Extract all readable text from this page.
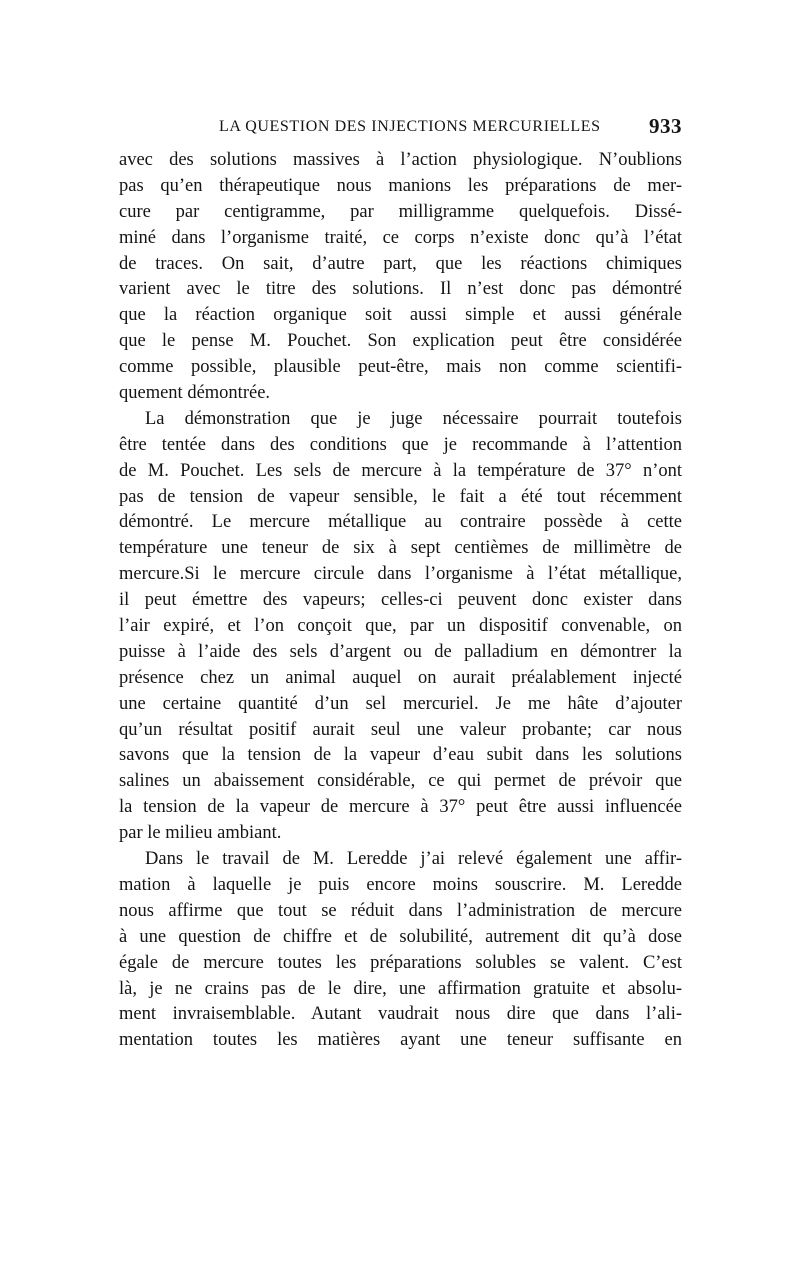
LA QUESTION DES INJECTIONS MERCURIELLES 933
avec des solutions massives à l’action physiologique. N’oublions
pas qu’en thérapeutique nous manions les préparations de mer-
cure par centigramme, par milligramme quelquefois. Dissé-
miné dans l’organisme traité, ce corps n’existe donc qu’à l’état
de traces. On sait, d’autre part, que les réactions chimiques
varient avec le titre des solutions. Il n’est donc pas démontré
que la réaction organique soit aussi simple et aussi générale
que le pense M. Pouchet. Son explication peut être considérée
comme possible, plausible peut-être, mais non comme scientifi-
quement démontrée.
La démonstration que je juge nécessaire pourrait toutefois
être tentée dans des conditions que je recommande à l’attention
de M. Pouchet. Les sels de mercure à la température de 37° n’ont
pas de tension de vapeur sensible, le fait a été tout récemment
démontré. Le mercure métallique au contraire possède à cette
température une teneur de six à sept centièmes de millimètre de
mercure.Si le mercure circule dans l’organisme à l’état métallique,
il peut émettre des vapeurs; celles-ci peuvent donc exister dans
l’air expiré, et l’on conçoit que, par un dispositif convenable, on
puisse à l’aide des sels d’argent ou de palladium en démontrer la
présence chez un animal auquel on aurait préalablement injecté
une certaine quantité d’un sel mercuriel. Je me hâte d’ajouter
qu’un résultat positif aurait seul une valeur probante; car nous
savons que la tension de la vapeur d’eau subit dans les solutions
salines un abaissement considérable, ce qui permet de prévoir que
la tension de la vapeur de mercure à 37° peut être aussi influencée
par le milieu ambiant.
Dans le travail de M. Leredde j’ai relevé également une affir-
mation à laquelle je puis encore moins souscrire. M. Leredde
nous affirme que tout se réduit dans l’administration de mercure
à une question de chiffre et de solubilité, autrement dit qu’à dose
égale de mercure toutes les préparations solubles se valent. C’est
là, je ne crains pas de le dire, une affirmation gratuite et absolu-
ment invraisemblable. Autant vaudrait nous dire que dans l’ali-
mentation toutes les matières ayant une teneur suffisante en
